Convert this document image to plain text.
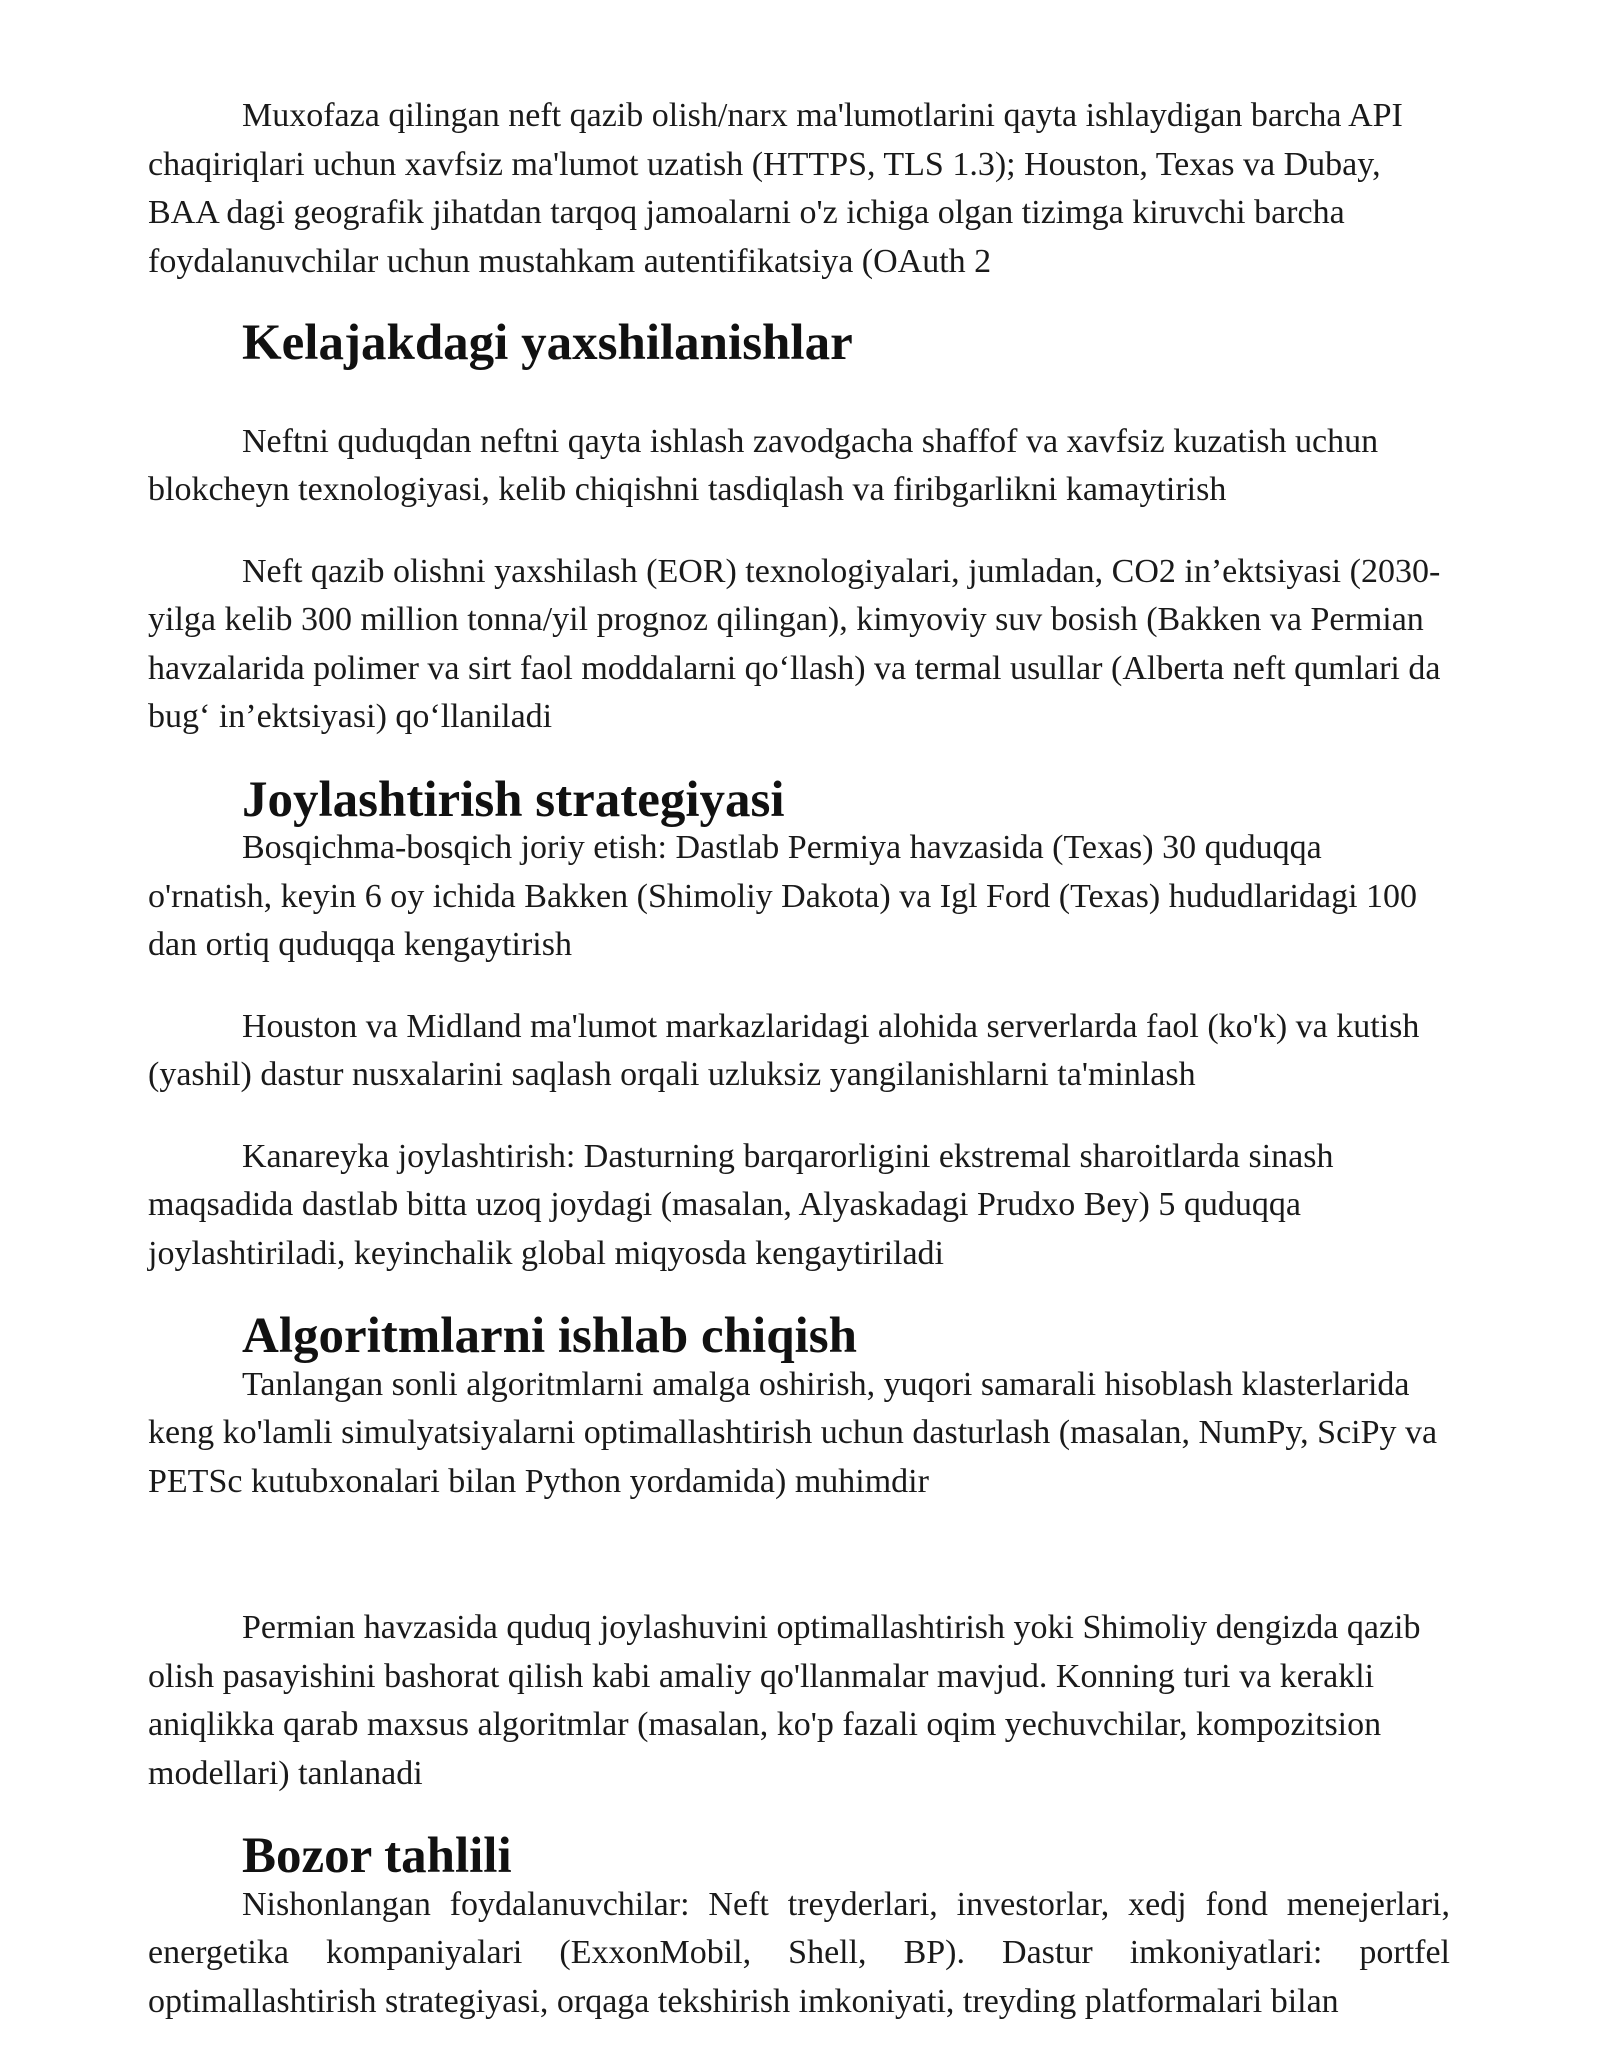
Muxofaza qilingan neft qazib olish/narx ma'lumotlarini qayta ishlaydigan barcha API chaqiriqlari uchun xavfsiz ma'lumot uzatish (HTTPS, TLS 1.3); Houston, Texas va Dubay, BAA dagi geografik jihatdan tarqoq jamoalarni o'z ichiga olgan tizimga kiruvchi barcha foydalanuvchilar uchun mustahkam autentifikatsiya (OAuth 2

Kelajakdagi yaxshilanishlar

Neftni quduqdan neftni qayta ishlash zavodgacha shaffof va xavfsiz kuzatish uchun blokcheyn texnologiyasi, kelib chiqishni tasdiqlash va firibgarlikni kamaytirish

Neft qazib olishni yaxshilash (EOR) texnologiyalari, jumladan, CO2 in’ektsiyasi (2030-yilga kelib 300 million tonna/yil prognoz qilingan), kimyoviy suv bosish (Bakken va Permian havzalarida polimer va sirt faol moddalarni qo‘llash) va termal usullar (Alberta neft qumlari da bug‘ in’ektsiyasi) qo‘llaniladi

Joylashtirish strategiyasi

Bosqichma-bosqich joriy etish: Dastlab Permiya havzasida (Texas) 30 quduqqa o'rnatish, keyin 6 oy ichida Bakken (Shimoliy Dakota) va Igl Ford (Texas) hududlaridagi 100 dan ortiq quduqqa kengaytirish

Houston va Midland ma'lumot markazlaridagi alohida serverlarda faol (ko'k) va kutish (yashil) dastur nusxalarini saqlash orqali uzluksiz yangilanishlarni ta'minlash

Kanareyka joylashtirish: Dasturning barqarorligini ekstremal sharoitlarda sinash maqsadida dastlab bitta uzoq joydagi (masalan, Alyaskadagi Prudxo Bey) 5 quduqqa joylashtiriladi, keyinchalik global miqyosda kengaytiriladi

Algoritmlarni ishlab chiqish

Tanlangan sonli algoritmlarni amalga oshirish, yuqori samarali hisoblash klasterlarida keng ko'lamli simulyatsiyalarni optimallashtirish uchun dasturlash (masalan, NumPy, SciPy va PETSc kutubxonalari bilan Python yordamida) muhimdir

Permian havzasida quduq joylashuvini optimallashtirish yoki Shimoliy dengizda qazib olish pasayishini bashorat qilish kabi amaliy qo'llanmalar mavjud. Konning turi va kerakli aniqlikka qarab maxsus algoritmlar (masalan, ko'p fazali oqim yechuvchilar, kompozitsion modellari) tanlanadi

Bozor tahlili

Nishonlangan foydalanuvchilar: Neft treyderlari, investorlar, xedj fond menejerlari, energetika kompaniyalari (ExxonMobil, Shell, BP). Dastur imkoniyatlari: portfel optimallashtirish strategiyasi, orqaga tekshirish imkoniyati, treyding platformalari bilan
